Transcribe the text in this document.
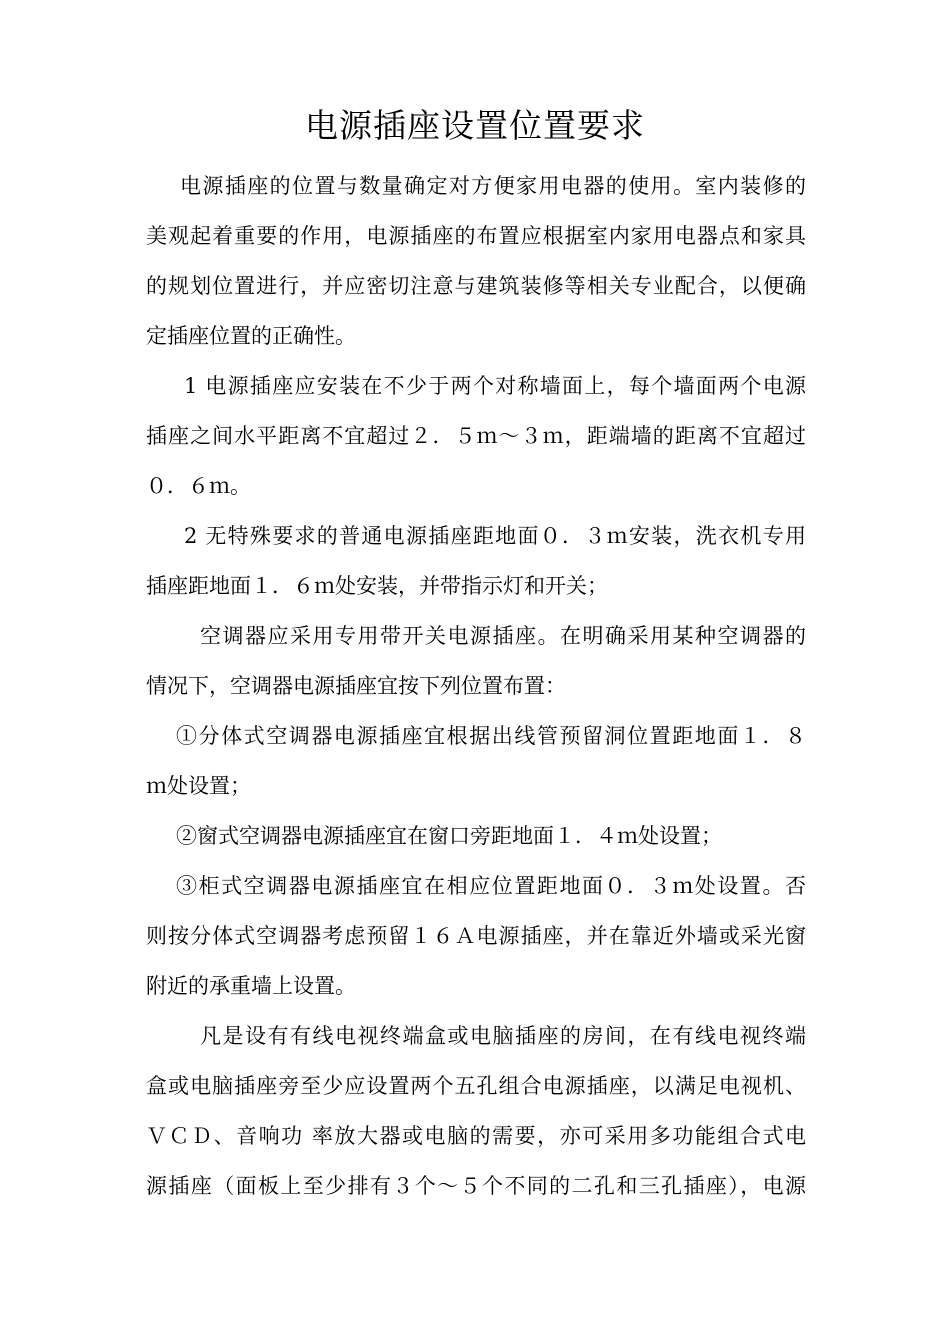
电源插座设置位置要求
电源插座的位置与数量确定对方便家用电器的使用。室内装修的
美观起着重要的作用，电源插座的布置应根据室内家用电器点和家具
的规划位置进行，并应密切注意与建筑装修等相关专业配合，以便确
定插座位置的正确性。
1 电源插座应安装在不少于两个对称墙面上，每个墙面两个电源
插座之间水平距离不宜超过２．５ｍ～３ｍ，距端墙的距离不宜超过
０．６ｍ。
2 无特殊要求的普通电源插座距地面０．３ｍ安装，洗衣机专用
插座距地面１．６ｍ处安装，并带指示灯和开关；
空调器应采用专用带开关电源插座。在明确采用某种空调器的
情况下，空调器电源插座宜按下列位置布置：
①分体式空调器电源插座宜根据出线管预留洞位置距地面１．８
ｍ处设置；
②窗式空调器电源插座宜在窗口旁距地面１．４ｍ处设置；
③柜式空调器电源插座宜在相应位置距地面０．３ｍ处设置。否
则按分体式空调器考虑预留１６Ａ电源插座，并在靠近外墙或采光窗
附近的承重墙上设置。
凡是设有有线电视终端盒或电脑插座的房间，在有线电视终端
盒或电脑插座旁至少应设置两个五孔组合电源插座，以满足电视机、
ＶＣＤ、音响功 率放大器或电脑的需要，亦可采用多功能组合式电
源插座（面板上至少排有３个～５个不同的二孔和三孔插座），电源
